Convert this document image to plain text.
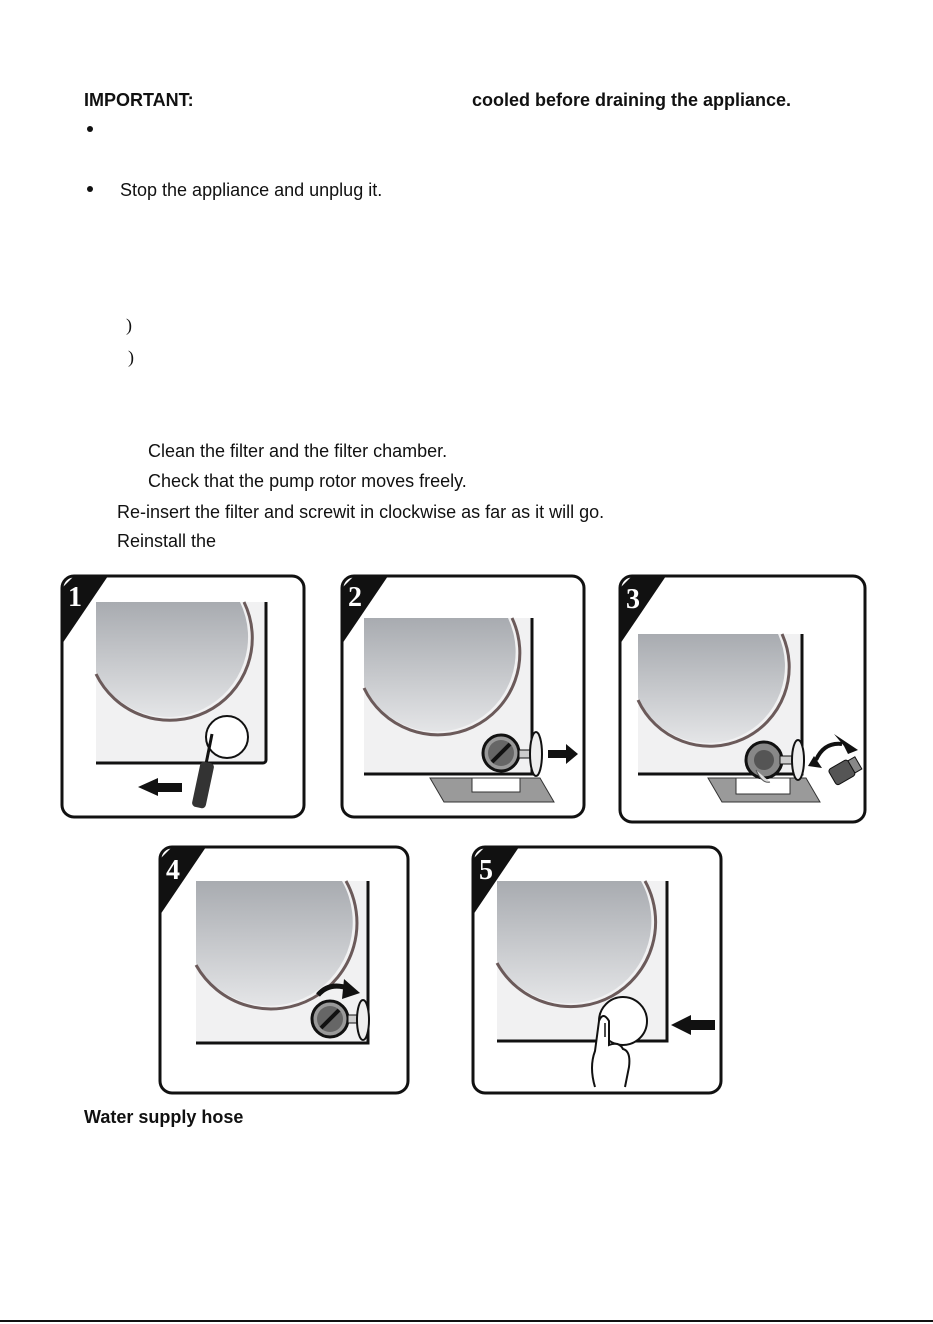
IMPORTANT:	cooled before draining the appliance.
Stop the appliance and unplug it.
)
)
Clean the filter and the filter chamber.
Check that the pump rotor moves freely.
Re-insert the filter and screwit in clockwise as far as it will go.
Reinstall the
1	2	3
4	5
Water supply hose
